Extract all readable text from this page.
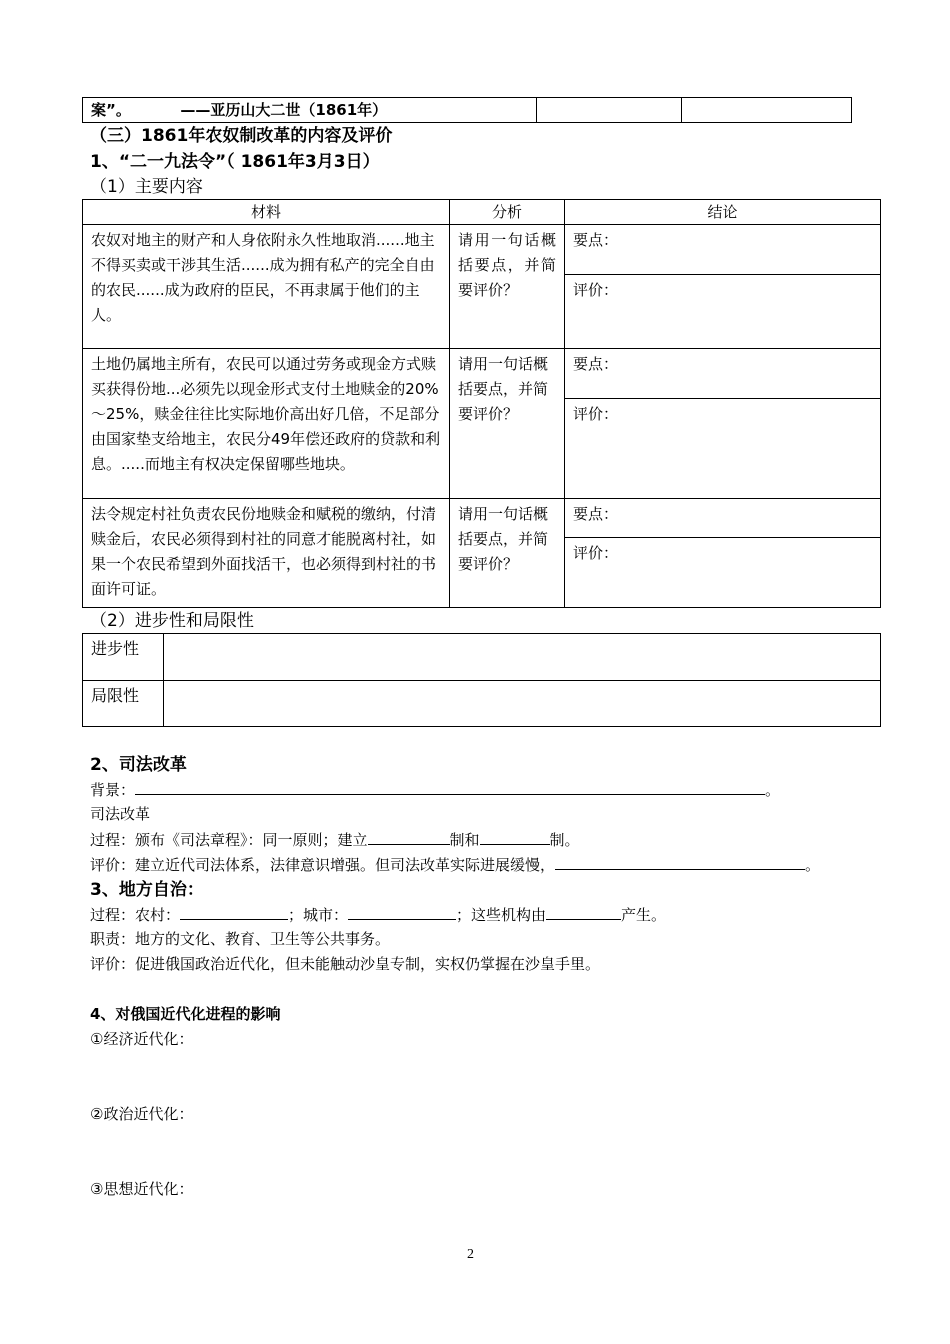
案”。	——亚历山大二世（1861年）

（三）1861年农奴制改革的内容及评价
1、“二一九法令”（ 1861年3月3日）
（1）主要内容
材料	分析	结论

农奴对地主的财产和人身依附永久性地取消......地主不得买卖或干涉其生活......成为拥有私产的完全自由的农民......成为政府的臣民，不再隶属于他们的主人。	请用一句话概括要点，并简要评价？	要点：

		评价：

土地仍属地主所有，农民可以通过劳务或现金方式赎买获得份地...必须先以现金形式支付土地赎金的20%～25%，赎金往往比实际地价高出好几倍，不足部分由国家垫支给地主，农民分49年偿还政府的贷款和利息。.....而地主有权决定保留哪些地块。	请用一句话概括要点，并简要评价？	要点：

		评价：

法令规定村社负责农民份地赎金和赋税的缴纳，付清赎金后，农民必须得到村社的同意才能脱离村社，如果一个农民希望到外面找活干，也必须得到村社的书面许可证。	请用一句话概括要点，并简要评价？	要点：

		评价：
（2）进步性和局限性
进步性	

局限性	

2、司法改革
背景：	。
司法改革
过程：颁布《司法章程》：同一原则；建立	制和	制。
评价：建立近代司法体系，法律意识增强。但司法改革实际进展缓慢，	。
3、地方自治：
过程：农村：	；城市：	；这些机构由	产生。
职责：地方的文化、教育、卫生等公共事务。
评价：促进俄国政治近代化，但未能触动沙皇专制，实权仍掌握在沙皇手里。
4、对俄国近代化进程的影响
①经济近代化：
②政治近代化：
③思想近代化：
2
